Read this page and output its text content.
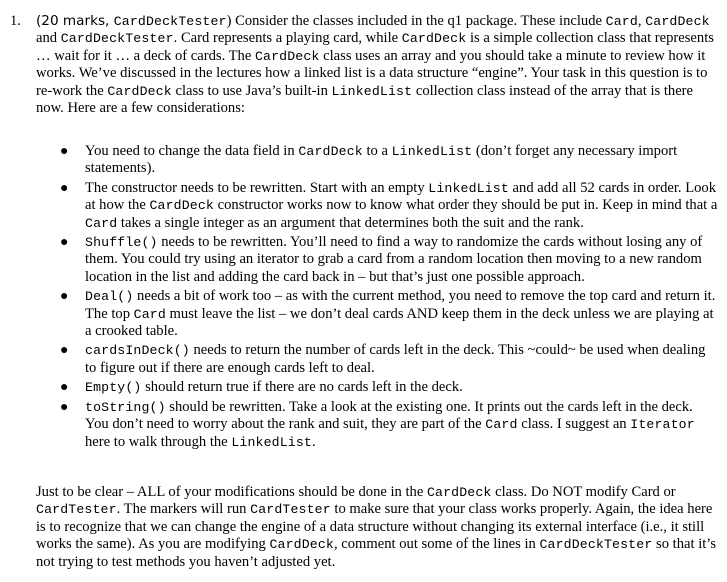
1. (20 marks, CardDeckTester) Consider the classes included in the q1 package. These include Card, CardDeck and CardDeckTester. Card represents a playing card, while CardDeck is a simple collection class that represents … wait for it … a deck of cards. The CardDeck class uses an array and you should take a minute to review how it works. We’ve discussed in the lectures how a linked list is a data structure “engine”. Your task in this question is to re-work the CardDeck class to use Java’s built-in LinkedList collection class instead of the array that is there now. Here are a few considerations:
● You need to change the data field in CardDeck to a LinkedList (don’t forget any necessary import statements).
● The constructor needs to be rewritten. Start with an empty LinkedList and add all 52 cards in order. Look at how the CardDeck constructor works now to know what order they should be put in. Keep in mind that a Card takes a single integer as an argument that determines both the suit and the rank.
● Shuffle() needs to be rewritten. You’ll need to find a way to randomize the cards without losing any of them. You could try using an iterator to grab a card from a random location then moving to a new random location in the list and adding the card back in – but that’s just one possible approach.
● Deal() needs a bit of work too – as with the current method, you need to remove the top card and return it. The top Card must leave the list – we don’t deal cards AND keep them in the deck unless we are playing at a crooked table.
● cardsInDeck() needs to return the number of cards left in the deck. This ~could~ be used when dealing to figure out if there are enough cards left to deal.
● Empty() should return true if there are no cards left in the deck.
● toString() should be rewritten. Take a look at the existing one. It prints out the cards left in the deck. You don’t need to worry about the rank and suit, they are part of the Card class. I suggest an Iterator here to walk through the LinkedList.
Just to be clear – ALL of your modifications should be done in the CardDeck class. Do NOT modify Card or CardTester. The markers will run CardTester to make sure that your class works properly. Again, the idea here is to recognize that we can change the engine of a data structure without changing its external interface (i.e., it still works the same). As you are modifying CardDeck, comment out some of the lines in CardDeckTester so that it’s not trying to test methods you haven’t adjusted yet.
